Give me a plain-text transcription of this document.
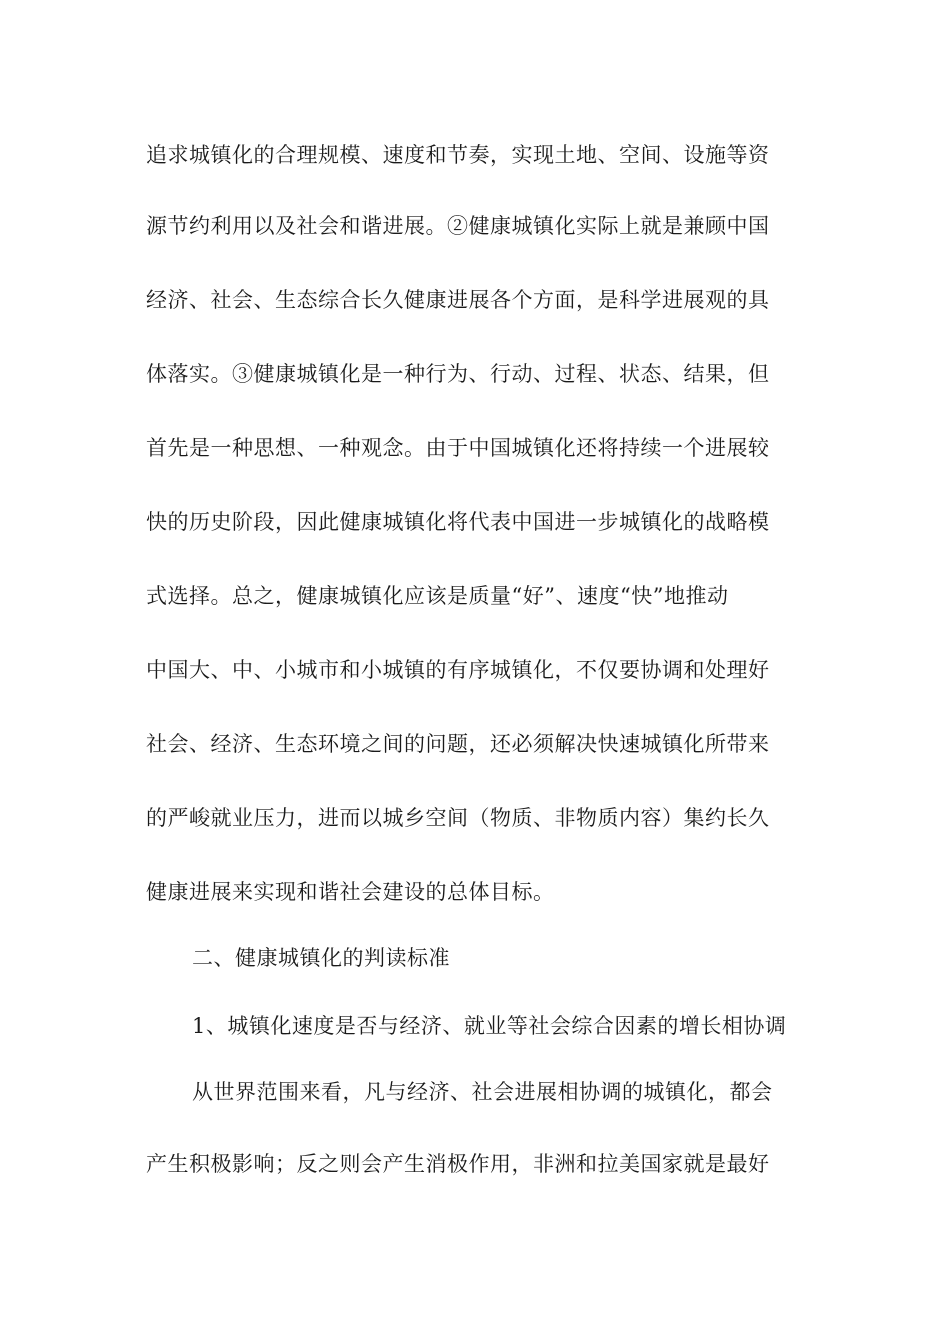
追求城镇化的合理规模、速度和节奏，实现土地、空间、设施等资
源节约利用以及社会和谐进展。②健康城镇化实际上就是兼顾中国
经济、社会、生态综合长久健康进展各个方面，是科学进展观的具
体落实。③健康城镇化是一种行为、行动、过程、状态、结果，但
首先是一种思想、一种观念。由于中国城镇化还将持续一个进展较
快的历史阶段，因此健康城镇化将代表中国进一步城镇化的战略模
式选择。总之，健康城镇化应该是质量“好”、速度“快”地推动
中国大、中、小城市和小城镇的有序城镇化，不仅要协调和处理好
社会、经济、生态环境之间的问题，还必须解决快速城镇化所带来
的严峻就业压力，进而以城乡空间（物质、非物质内容）集约长久
健康进展来实现和谐社会建设的总体目标。
二、健康城镇化的判读标准
1、城镇化速度是否与经济、就业等社会综合因素的增长相协调
从世界范围来看，凡与经济、社会进展相协调的城镇化，都会
产生积极影响；反之则会产生消极作用，非洲和拉美国家就是最好
